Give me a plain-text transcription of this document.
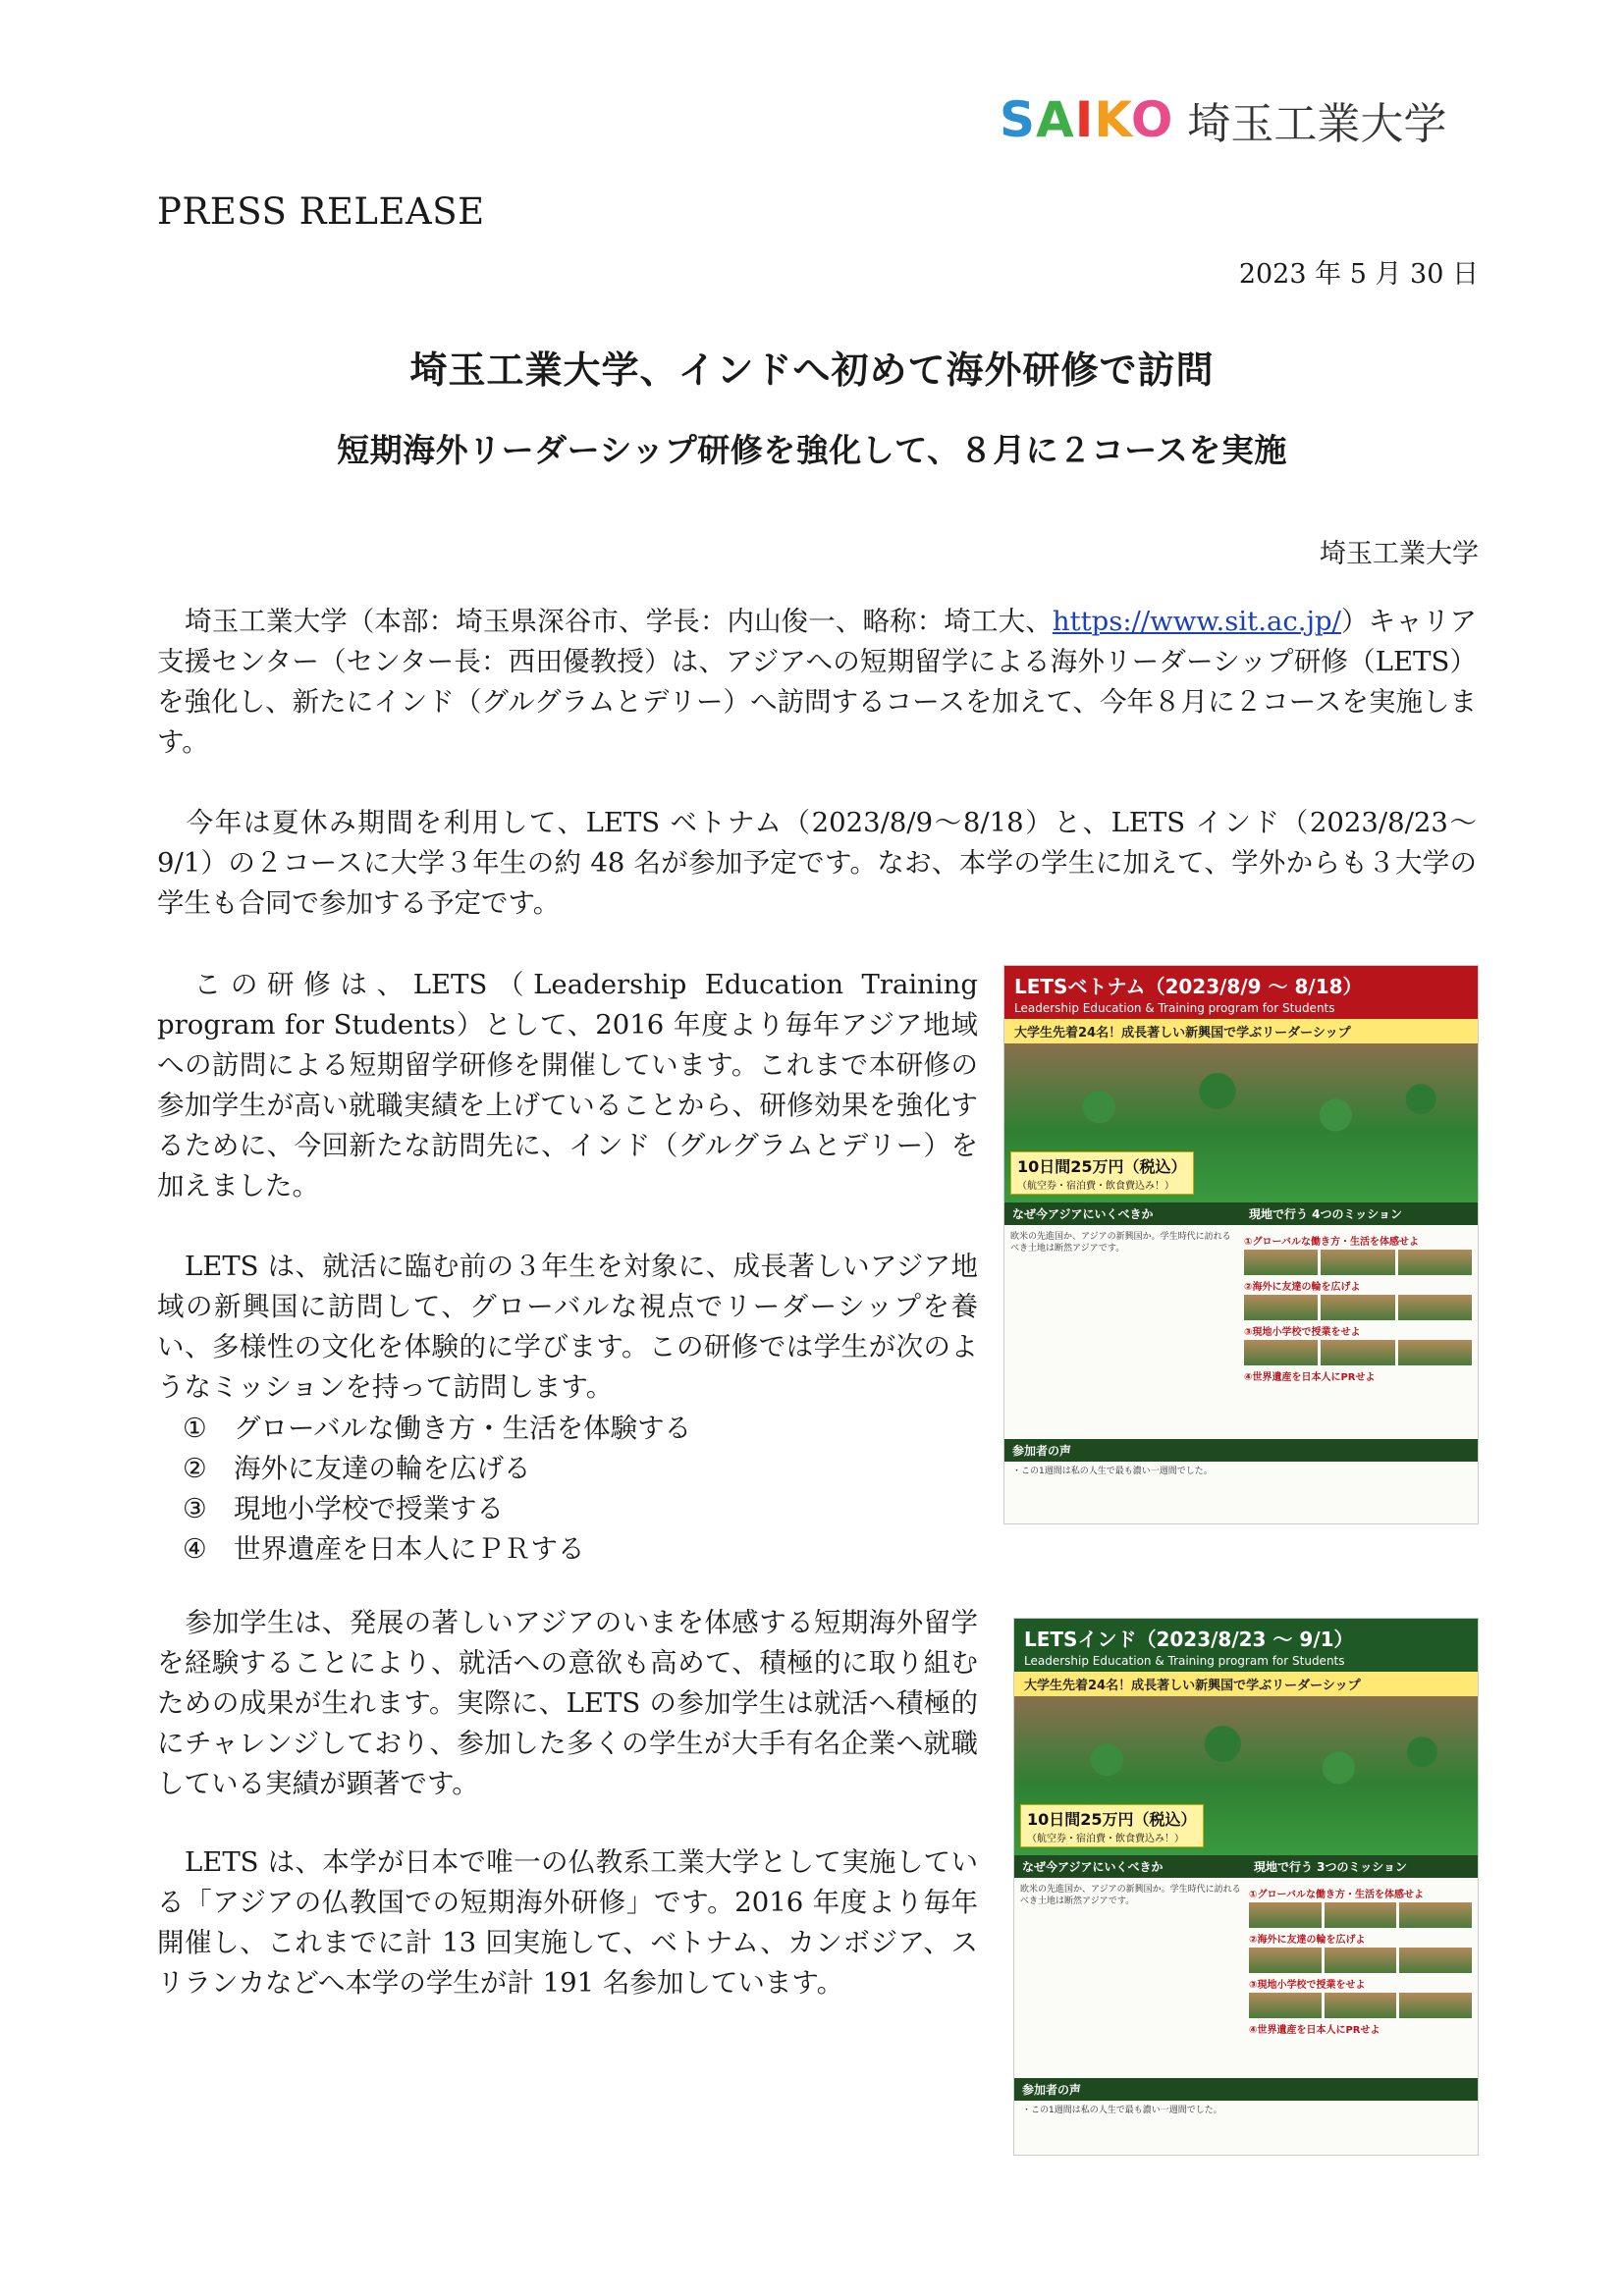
SAIKO 埼玉工業大学
PRESS RELEASE
2023 年 5 月 30 日
埼玉工業大学、インドへ初めて海外研修で訪問
短期海外リーダーシップ研修を強化して、８月に２コースを実施
埼玉工業大学
埼玉工業大学（本部：埼玉県深谷市、学長：内山俊一、略称：埼工大、https://www.sit.ac.jp/）キャリア支援センター（センター長：西田優教授）は、アジアへの短期留学による海外リーダーシップ研修（LETS）を強化し、新たにインド（グルグラムとデリー）へ訪問するコースを加えて、今年８月に２コースを実施します。
今年は夏休み期間を利用して、LETS ベトナム（2023/8/9〜8/18）と、LETS インド（2023/8/23〜9/1）の２コースに大学３年生の約 48 名が参加予定です。なお、本学の学生に加えて、学外からも３大学の学生も合同で参加する予定です。
この研修は、LETS（Leadership Education Training program for Students）として、2016 年度より毎年アジア地域への訪問による短期留学研修を開催しています。これまで本研修の参加学生が高い就職実績を上げていることから、研修効果を強化するために、今回新たな訪問先に、インド（グルグラムとデリー）を加えました。
LETS は、就活に臨む前の３年生を対象に、成長著しいアジア地域の新興国に訪問して、グローバルな視点でリーダーシップを養い、多様性の文化を体験的に学びます。この研修では学生が次のようなミッションを持って訪問します。
① グローバルな働き方・生活を体験する
② 海外に友達の輪を広げる
③ 現地小学校で授業する
④ 世界遺産を日本人にＰＲする
参加学生は、発展の著しいアジアのいまを体感する短期海外留学を経験することにより、就活への意欲も高めて、積極的に取り組むための成果が生れます。実際に、LETS の参加学生は就活へ積極的にチャレンジしており、参加した多くの学生が大手有名企業へ就職している実績が顕著です。
LETS は、本学が日本で唯一の仏教系工業大学として実施している「アジアの仏教国での短期海外研修」です。2016 年度より毎年開催し、これまでに計 13 回実施して、ベトナム、カンボジア、スリランカなどへ本学の学生が計 191 名参加しています。
LETSベトナム（2023/8/9 ～ 8/18）
Leadership Education & Training program for Students
大学生先着24名！成長著しい新興国で学ぶリーダーシップ
10日間25万円（税込）
（航空券・宿泊費・飲食費込み！）
なぜ今アジアにいくべきか	現地で行う 4つのミッション
欧米の先進国か、アジアの新興国か。学生時代に訪れるべき土地は断然アジアです。
①グローバルな働き方・生活を体感せよ
②海外に友達の輪を広げよ
③現地小学校で授業をせよ
④世界遺産を日本人にPRせよ
参加者の声
・この1週間は私の人生で最も濃い一週間でした。
LETSインド（2023/8/23 ～ 9/1）
Leadership Education & Training program for Students
大学生先着24名！成長著しい新興国で学ぶリーダーシップ
10日間25万円（税込）
（航空券・宿泊費・飲食費込み！）
なぜ今アジアにいくべきか	現地で行う 3つのミッション
欧米の先進国か、アジアの新興国か。学生時代に訪れるべき土地は断然アジアです。
①グローバルな働き方・生活を体感せよ
②海外に友達の輪を広げよ
③現地小学校で授業をせよ
④世界遺産を日本人にPRせよ
参加者の声
・この1週間は私の人生で最も濃い一週間でした。
